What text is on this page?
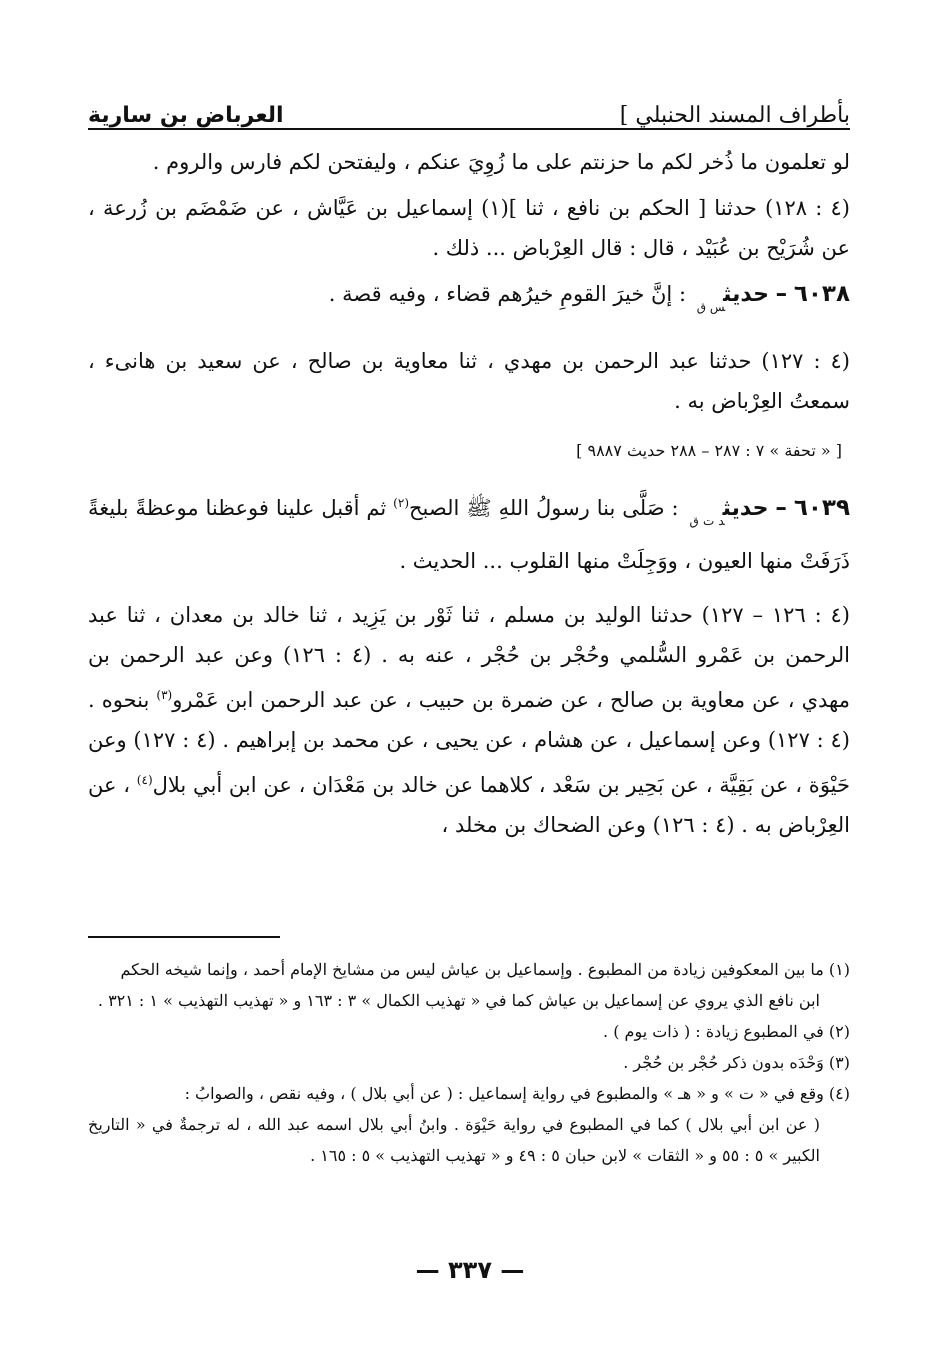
بأطراف المسند الحنبلي ]
العرباض بن سارية

لو تعلمون ما ذُخر لكم ما حزنتم على ما زُوِيَ عنكم ، وليفتحن لكم فارس والروم .

(٤ : ١٢٨) حدثنا [ الحكم بن نافع ، ثنا ](١) إسماعيل بن عَيَّاش ، عن ضَمْضَم بن زُرعة ، عن شُرَيْح بن عُبَيْد ، قال : قال العِرْباض ... ذلك .

٦٠٣٨ – حديث$_{س ق}$ : إنَّ خيرَ القومِ خيرُهم قضاء ، وفيه قصة .

(٤ : ١٢٧) حدثنا عبد الرحمن بن مهدي ، ثنا معاوية بن صالح ، عن سعيد بن هانىء ، سمعتُ العِرْباض به .

[ « تحفة » ٧ : ٢٨٧ – ٢٨٨ حديث ٩٨٨٧ ]

٦٠٣٩ – حديث$_{د ت ق}$ : صَلَّى بنا رسولُ اللهِ ﷺ الصبح$^{(٢)}$ ثم أقبل علينا فوعظنا موعظةً بليغةً ذَرَفَتْ منها العيون ، ووَجِلَتْ منها القلوب ... الحديث .

(٤ : ١٢٦ – ١٢٧) حدثنا الوليد بن مسلم ، ثنا ثَوْر بن يَزِيد ، ثنا خالد بن معدان ، ثنا عبد الرحمن بن عَمْرو السُّلمي وحُجْر بن حُجْر ، عنه به . (٤ : ١٢٦) وعن عبد الرحمن بن مهدي ، عن معاوية بن صالح ، عن ضمرة بن حبيب ، عن عبد الرحمن ابن عَمْرو$^{(٣)}$ بنحوه . (٤ : ١٢٧) وعن إسماعيل ، عن هشام ، عن يحيى ، عن محمد بن إبراهيم . (٤ : ١٢٧) وعن حَيْوَة ، عن بَقِيَّة ، عن بَحِير بن سَعْد ، كلاهما عن خالد بن مَعْدَان ، عن ابن أبي بلال$^{(٤)}$ ، عن العِرْباض به . (٤ : ١٢٦) وعن الضحاك بن مخلد ،

(١) ما بين المعكوفين زيادة من المطبوع . وإسماعيل بن عياش ليس من مشايخ الإمام أحمد ، وإنما شيخه الحكم

ابن نافع الذي يروي عن إسماعيل بن عياش كما في « تهذيب الكمال » ٣ : ١٦٣ و « تهذيب التهذيب » ١ : ٣٢١ .

(٢) في المطبوع زيادة : ( ذات يوم ) .

(٣) وَحْدَه بدون ذكر حُجْر بن حُجْر .

(٤) وقع في « ت » و « هـ » والمطبوع في رواية إسماعيل : ( عن أبي بلال ) ، وفيه نقص ، والصوابُ :

( عن ابن أبي بلال ) كما في المطبوع في رواية حَيْوَة . وابنُ أبي بلال اسمه عبد الله ، له ترجمةٌ في « التاريخ الكبير » ٥ : ٥٥ و « الثقات » لابن حبان ٥ : ٤٩ و « تهذيب التهذيب » ٥ : ١٦٥ .

— ٣٣٧ —
